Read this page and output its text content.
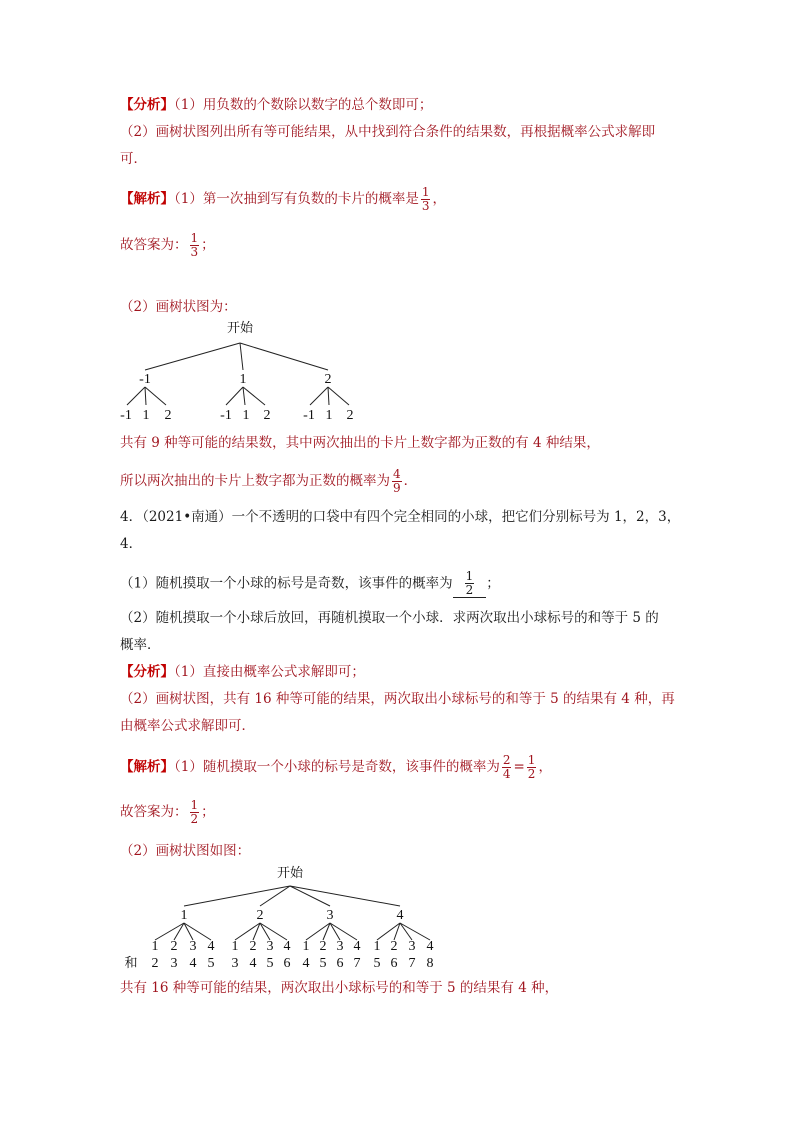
【分析】（1）用负数的个数除以数字的总个数即可；
（2）画树状图列出所有等可能结果，从中找到符合条件的结果数，再根据概率公式求解即
可．
【解析】（1）第一次抽到写有负数的卡片的概率是 $\frac{1}{3}$ ，
故答案为： $\frac{1}{3}$ ；
（2）画树状图为：
开始
-1	1	2
-1 1 2	-1 1 2 -1 1 2
开始
1	2	3	4
1 2 3 4 1 2 3 4 1 2 3 4 1 2 3 4
和 2 3 4 5 3 4 5 6 4 5 6 7 5 6 7 8
共有 9 种等可能的结果数，其中两次抽出的卡片上数字都为正数的有 4 种结果，
所以两次抽出的卡片上数字都为正数的概率为 $\frac{4}{9}$ ．
4．（2021•南通）一个不透明的口袋中有四个完全相同的小球，把它们分别标号为 1，2，3，
4．
（1）随机摸取一个小球的标号是奇数，该事件的概率为 $\frac{1}{2}$ ；
（2）随机摸取一个小球后放回，再随机摸取一个小球．求两次取出小球标号的和等于 5 的
概率．
【分析】（1）直接由概率公式求解即可；
（2）画树状图，共有 16 种等可能的结果，两次取出小球标号的和等于 5 的结果有 4 种，再
由概率公式求解即可．
【解析】（1）随机摸取一个小球的标号是奇数，该事件的概率为 $\frac{2}{4} = \frac{1}{2}$ ，
故答案为： $\frac{1}{2}$ ；
（2）画树状图如图：
共有 16 种等可能的结果，两次取出小球标号的和等于 5 的结果有 4 种，
